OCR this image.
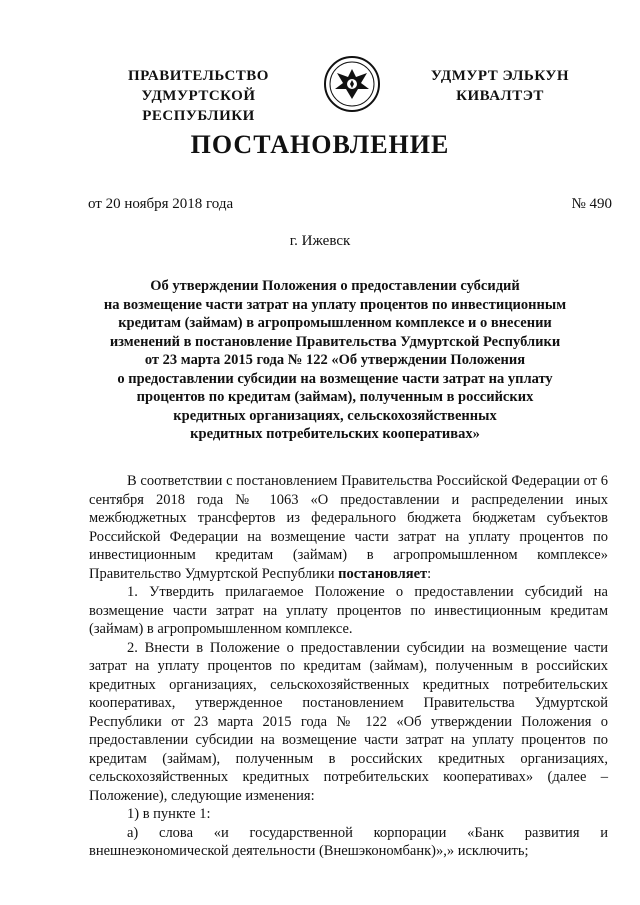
ПРАВИТЕЛЬСТВО
УДМУРТСКОЙ РЕСПУБЛИКИ
УДМУРТ ЭЛЬКУН
КИВАЛТЭТ
ПОСТАНОВЛЕНИЕ
от 20 ноября 2018 года	№ 490
г. Ижевск
Об утверждении Положения о предоставлении субсидий
на возмещение части затрат на уплату процентов по инвестиционным
кредитам (займам) в агропромышленном комплексе и о внесении
изменений в постановление Правительства Удмуртской Республики
от 23 марта 2015 года № 122 «Об утверждении Положения
о предоставлении субсидии на возмещение части затрат на уплату
процентов по кредитам (займам), полученным в российских
кредитных организациях, сельскохозяйственных
кредитных потребительских кооперативах»

В соответствии с постановлением Правительства Российской Федерации от 6 сентября 2018 года № 1063 «О предоставлении и распределении иных межбюджетных трансфертов из федерального бюджета бюджетам субъектов Российской Федерации на возмещение части затрат на уплату процентов по инвестиционным кредитам (займам) в агропромышленном комплексе» Правительство Удмуртской Республики постановляет:

1. Утвердить прилагаемое Положение о предоставлении субсидий на возмещение части затрат на уплату процентов по инвестиционным кредитам (займам) в агропромышленном комплексе.

2. Внести в Положение о предоставлении субсидии на возмещение части затрат на уплату процентов по кредитам (займам), полученным в российских кредитных организациях, сельскохозяйственных кредитных потребительских кооперативах, утвержденное постановлением Правительства Удмуртской Республики от 23 марта 2015 года № 122 «Об утверждении Положения о предоставлении субсидии на возмещение части затрат на уплату процентов по кредитам (займам), полученным в российских кредитных организациях, сельскохозяйственных кредитных потребительских кооперативах» (далее – Положение), следующие изменения:

1) в пункте 1:

а) слова «и государственной корпорации «Банк развития и внешнеэкономической деятельности (Внешэкономбанк)»,» исключить;
